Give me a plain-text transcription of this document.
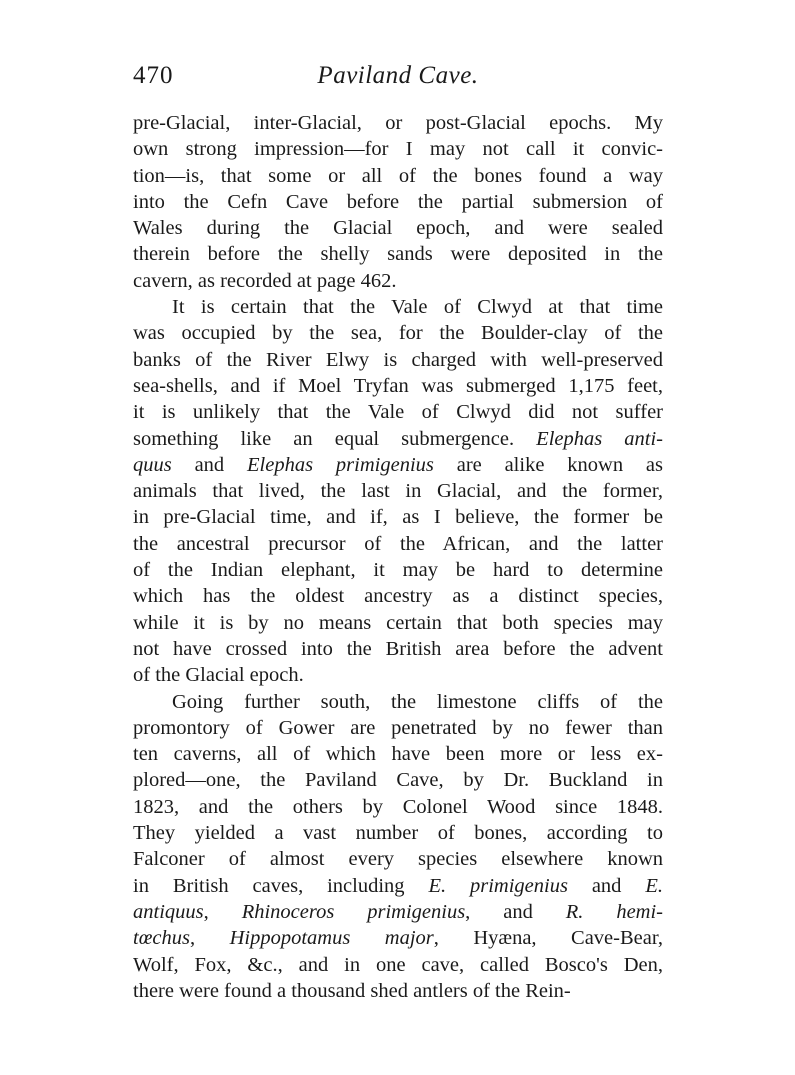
470	Paviland Cave.
pre-Glacial, inter-Glacial, or post-Glacial epochs. My
own strong impression—for I may not call it convic-
tion—is, that some or all of the bones found a way
into the Cefn Cave before the partial submersion of
Wales during the Glacial epoch, and were sealed
therein before the shelly sands were deposited in the
cavern, as recorded at page 462.
It is certain that the Vale of Clwyd at that time
was occupied by the sea, for the Boulder-clay of the
banks of the River Elwy is charged with well-preserved
sea-shells, and if Moel Tryfan was submerged 1,175 feet,
it is unlikely that the Vale of Clwyd did not suffer
something like an equal submergence. Elephas anti-
quus and Elephas primigenius are alike known as
animals that lived, the last in Glacial, and the former,
in pre-Glacial time, and if, as I believe, the former be
the ancestral precursor of the African, and the latter
of the Indian elephant, it may be hard to determine
which has the oldest ancestry as a distinct species,
while it is by no means certain that both species may
not have crossed into the British area before the advent
of the Glacial epoch.
Going further south, the limestone cliffs of the
promontory of Gower are penetrated by no fewer than
ten caverns, all of which have been more or less ex-
plored—one, the Paviland Cave, by Dr. Buckland in
1823, and the others by Colonel Wood since 1848.
They yielded a vast number of bones, according to
Falconer of almost every species elsewhere known
in British caves, including E. primigenius and E.
antiquus, Rhinoceros primigenius, and R. hemi-
tœchus, Hippopotamus major, Hyæna, Cave-Bear,
Wolf, Fox, &c., and in one cave, called Bosco's Den,
there were found a thousand shed antlers of the Rein-
